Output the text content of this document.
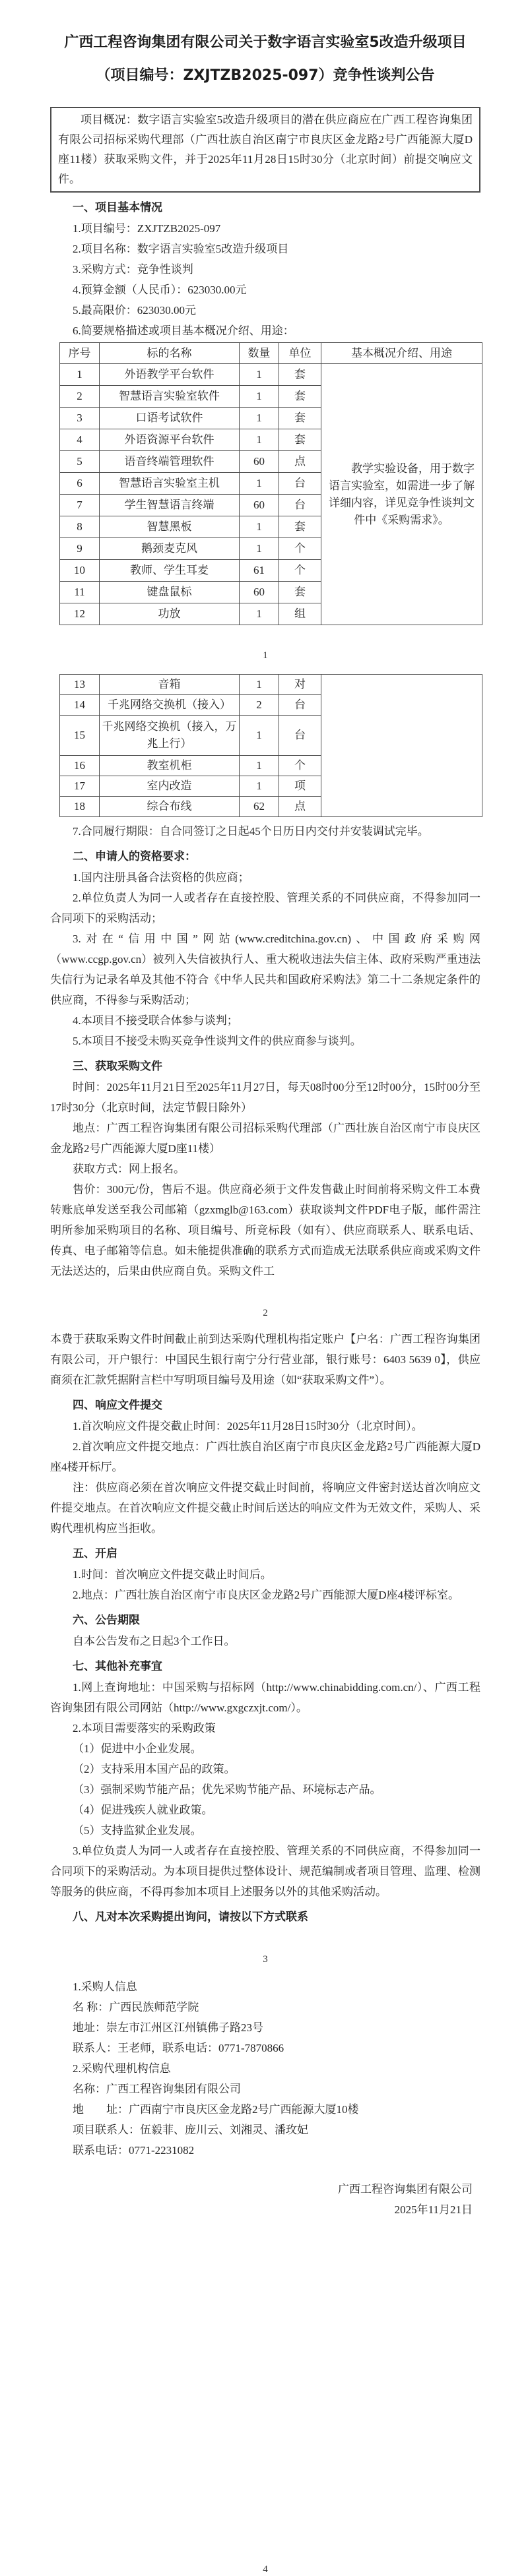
广西工程咨询集团有限公司关于数字语言实验室5改造升级项目（项目编号：ZXJTZB2025-097）竞争性谈判公告

项目概况：数字语言实验室5改造升级项目的潜在供应商应在广西工程咨询集团有限公司招标采购代理部（广西壮族自治区南宁市良庆区金龙路2号广西能源大厦D座11楼）获取采购文件，并于2025年11月28日15时30分（北京时间）前提交响应文件。

一、项目基本情况

1.项目编号：ZXJTZB2025-097

2.项目名称：数字语言实验室5改造升级项目

3.采购方式：竞争性谈判

4.预算金额（人民币）：623030.00元

5.最高限价：623030.00元

6.简要规格描述或项目基本概况介绍、用途：

序号	标的名称	数量	单位	基本概况介绍、用途
1	外语教学平台软件	1	套	教学实验设备，用于数字语言实验室，如需进一步了解详细内容，详见竞争性谈判文件中《采购需求》。
2	智慧语言实验室软件	1	套	
3	口语考试软件	1	套	
4	外语资源平台软件	1	套	
5	语音终端管理软件	60	点	
6	智慧语言实验室主机	1	台	
7	学生智慧语言终端	60	台	
8	智慧黑板	1	套	
9	鹅颈麦克风	1	个	
10	教师、学生耳麦	61	个	
11	键盘鼠标	60	套	
12	功放	1	组	
1
13	音箱	1	对	
14	千兆网络交换机（接入）	2	台	
15	千兆网络交换机（接入，万兆上行）	1	台	
16	教室机柜	1	个	
17	室内改造	1	项	
18	综合布线	62	点	

7.合同履行期限：自合同签订之日起45个日历日内交付并安装调试完毕。

二、申请人的资格要求：

1.国内注册具备合法资格的供应商；

2.单位负责人为同一人或者存在直接控股、管理关系的不同供应商，不得参加同一合同项下的采购活动；

3.对在“信用中国”网站(www.creditchina.gov.cn)、中国政府采购网（www.ccgp.gov.cn）被列入失信被执行人、重大税收违法失信主体、政府采购严重违法失信行为记录名单及其他不符合《中华人民共和国政府采购法》第二十二条规定条件的供应商，不得参与采购活动；

4.本项目不接受联合体参与谈判；

5.本项目不接受未购买竞争性谈判文件的供应商参与谈判。

三、获取采购文件

时间：2025年11月21日至2025年11月27日，每天08时00分至12时00分，15时00分至17时30分（北京时间，法定节假日除外）

地点：广西工程咨询集团有限公司招标采购代理部（广西壮族自治区南宁市良庆区金龙路2号广西能源大厦D座11楼）

获取方式：网上报名。

售价：300元/份，售后不退。供应商必须于文件发售截止时间前将采购文件工本费转账底单发送至我公司邮箱（gzxmglb@163.com）获取谈判文件PDF电子版，邮件需注明所参加采购项目的名称、项目编号、所竞标段（如有）、供应商联系人、联系电话、传真、电子邮箱等信息。如未能提供准确的联系方式而造成无法联系供应商或采购文件无法送达的，后果由供应商自负。采购文件工

2

本费于获取采购文件时间截止前到达采购代理机构指定账户【户名：广西工程咨询集团有限公司，开户银行：中国民生银行南宁分行营业部，银行账号：6403 5639 0】，供应商须在汇款凭据附言栏中写明项目编号及用途（如“获取采购文件”）。

四、响应文件提交

1.首次响应文件提交截止时间：2025年11月28日15时30分（北京时间）。

2.首次响应文件提交地点：广西壮族自治区南宁市良庆区金龙路2号广西能源大厦D座4楼开标厅。

注：供应商必须在首次响应文件提交截止时间前，将响应文件密封送达首次响应文件提交地点。在首次响应文件提交截止时间后送达的响应文件为无效文件，采购人、采购代理机构应当拒收。

五、开启

1.时间：首次响应文件提交截止时间后。

2.地点：广西壮族自治区南宁市良庆区金龙路2号广西能源大厦D座4楼评标室。

六、公告期限

自本公告发布之日起3个工作日。

七、其他补充事宜

1.网上查询地址：中国采购与招标网（http://www.chinabidding.com.cn/）、广西工程咨询集团有限公司网站（http://www.gxgczxjt.com/）。

2.本项目需要落实的采购政策

（1）促进中小企业发展。

（2）支持采用本国产品的政策。

（3）强制采购节能产品；优先采购节能产品、环境标志产品。

（4）促进残疾人就业政策。

（5）支持监狱企业发展。

3.单位负责人为同一人或者存在直接控股、管理关系的不同供应商，不得参加同一合同项下的采购活动。为本项目提供过整体设计、规范编制或者项目管理、监理、检测等服务的供应商，不得再参加本项目上述服务以外的其他采购活动。

八、凡对本次采购提出询问，请按以下方式联系
3

1.采购人信息

名 称：广西民族师范学院

地址：崇左市江州区江州镇佛子路23号

联系人：王老师，联系电话：0771-7870866

2.采购代理机构信息

名称：广西工程咨询集团有限公司

地　　址：广西南宁市良庆区金龙路2号广西能源大厦10楼

项目联系人：伍毅菲、庞川云、刘湘灵、潘玫妃

联系电话：0771-2231082

广西工程咨询集团有限公司

2025年11月21日

4
